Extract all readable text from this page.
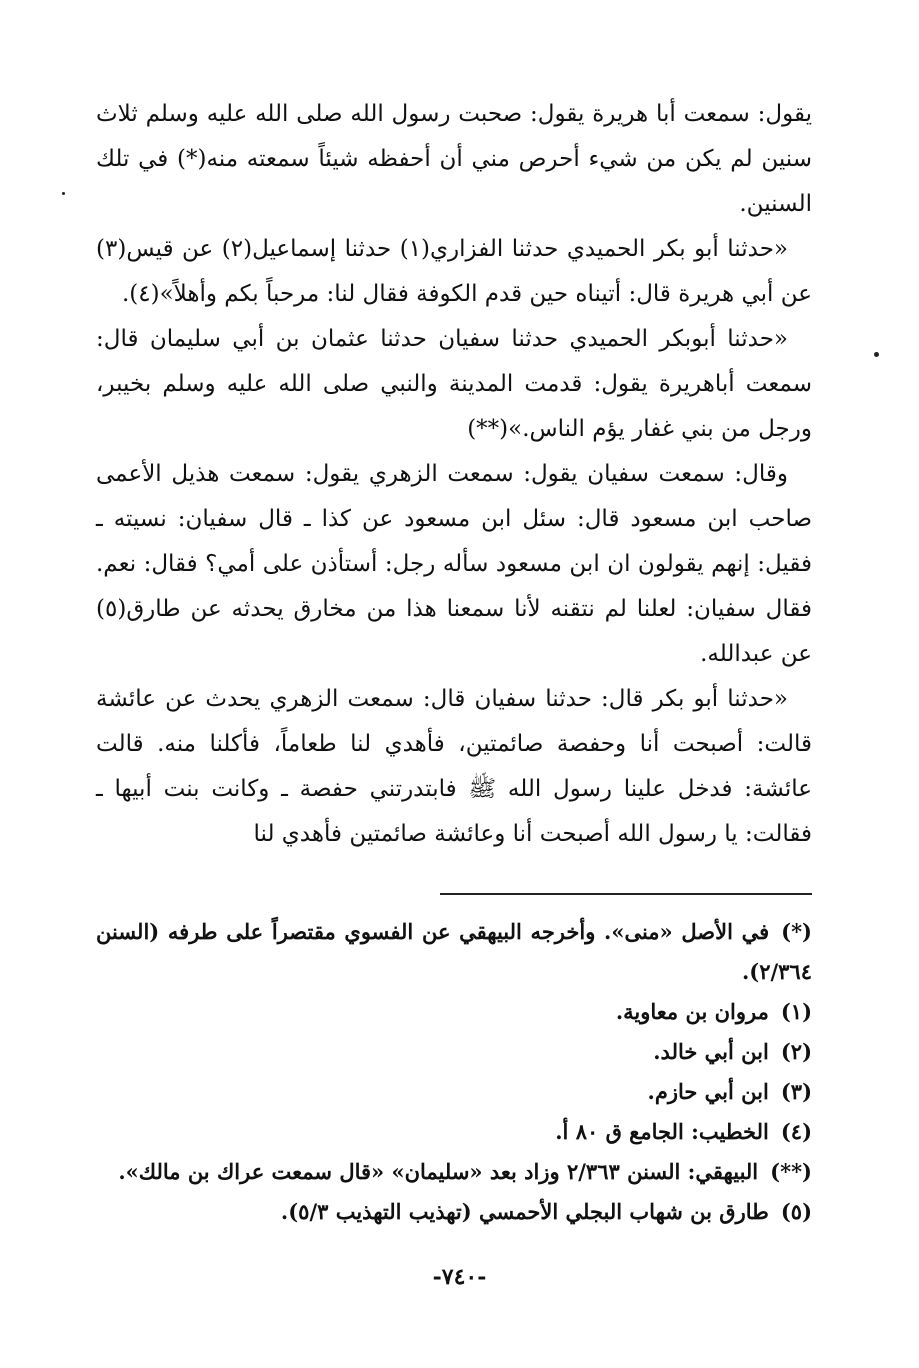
يقول: سمعت أبا هريرة يقول: صحبت رسول الله صلى الله عليه وسلم ثلاث سنين لم يكن من شيء أحرص مني أن أحفظه شيئاً سمعته منه(*) في تلك السنين.

«حدثنا أبو بكر الحميدي حدثنا الفزاري(١) حدثنا إسماعيل(٢) عن قيس(٣) عن أبي هريرة قال: أتيناه حين قدم الكوفة فقال لنا: مرحباً بكم وأهلاً»(٤).

«حدثنا أبوبكر الحميدي حدثنا سفيان حدثنا عثمان بن أبي سليمان قال: سمعت أباهريرة يقول: قدمت المدينة والنبي صلى الله عليه وسلم بخيبر، ورجل من بني غفار يؤم الناس.»(**)

وقال: سمعت سفيان يقول: سمعت الزهري يقول: سمعت هذيل الأعمى صاحب ابن مسعود قال: سئل ابن مسعود عن كذا ـ قال سفيان: نسيته ـ فقيل: إنهم يقولون ان ابن مسعود سأله رجل: أستأذن على أمي؟ فقال: نعم. فقال سفيان: لعلنا لم نتقنه لأنا سمعنا هذا من مخارق يحدثه عن طارق(٥) عن عبدالله.

«حدثنا أبو بكر قال: حدثنا سفيان قال: سمعت الزهري يحدث عن عائشة قالت: أصبحت أنا وحفصة صائمتين، فأهدي لنا طعاماً، فأكلنا منه. قالت عائشة: فدخل علينا رسول الله ﷺ فابتدرتني حفصة ـ وكانت بنت أبيها ـ فقالت: يا رسول الله أصبحت أنا وعائشة صائمتين فأهدي لنا

(*)في الأصل «منى». وأخرجه البيهقي عن الفسوي مقتصراً على طرفه (السنن ٢/٣٦٤).

(١)مروان بن معاوية.

(٢)ابن أبي خالد.

(٣)ابن أبي حازم.

(٤)الخطيب: الجامع ق ٨٠ أ.

(**)البيهقي: السنن ٢/٣٦٣ وزاد بعد «سليمان» «قال سمعت عراك بن مالك».

(٥)طارق بن شهاب البجلي الأحمسي (تهذيب التهذيب ٥/٣).

-٧٤٠-
